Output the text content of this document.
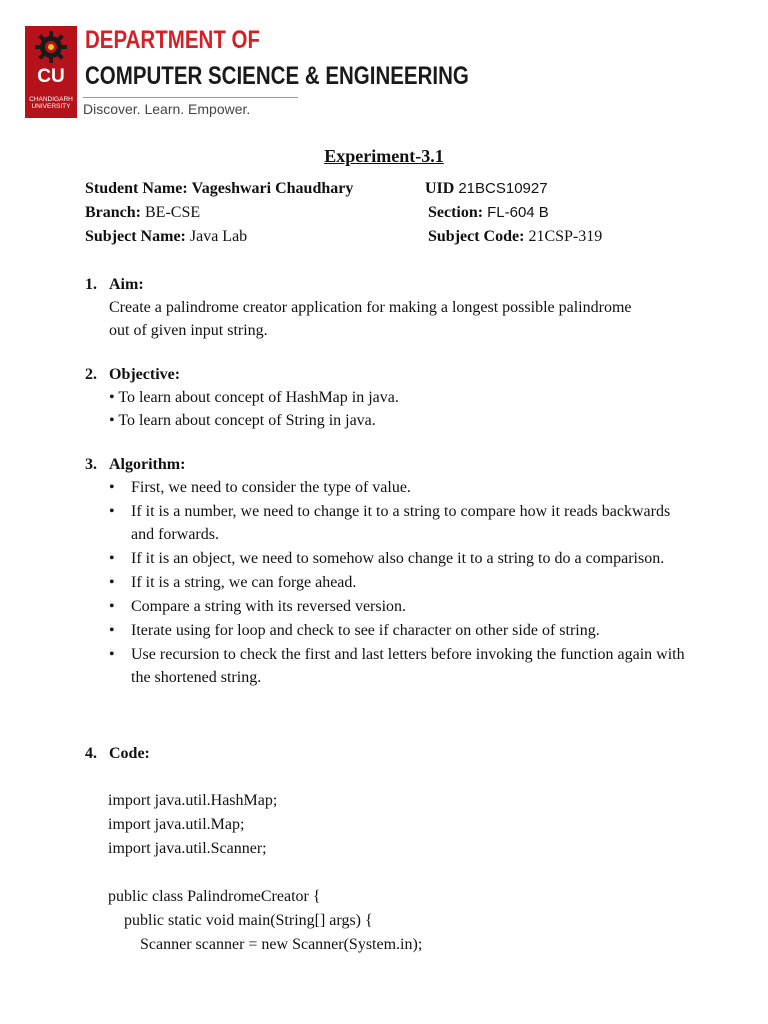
CU
CHANDIGARH UNIVERSITY
DEPARTMENT OF
COMPUTER SCIENCE & ENGINEERING
Discover. Learn. Empower.
Experiment-3.1
Student Name: Vageshwari Chaudhary	UID 21BCS10927
Branch: BE-CSE	Section: FL-604 B
Subject Name: Java Lab	Subject Code: 21CSP-319
1. Aim:
Create a palindrome creator application for making a longest possible palindrome
out of given input string.
2. Objective:
• To learn about concept of HashMap in java.
• To learn about concept of String in java.
3. Algorithm:
• First, we need to consider the type of value.
• If it is a number, we need to change it to a string to compare how it reads backwards and forwards.
• If it is an object, we need to somehow also change it to a string to do a comparison.
• If it is a string, we can forge ahead.
• Compare a string with its reversed version.
• Iterate using for loop and check to see if character on other side of string.
• Use recursion to check the first and last letters before invoking the function again with the shortened string.
4. Code:
import java.util.HashMap;
import java.util.Map;
import java.util.Scanner;
public class PalindromeCreator {
public static void main(String[] args) {
Scanner scanner = new Scanner(System.in);
